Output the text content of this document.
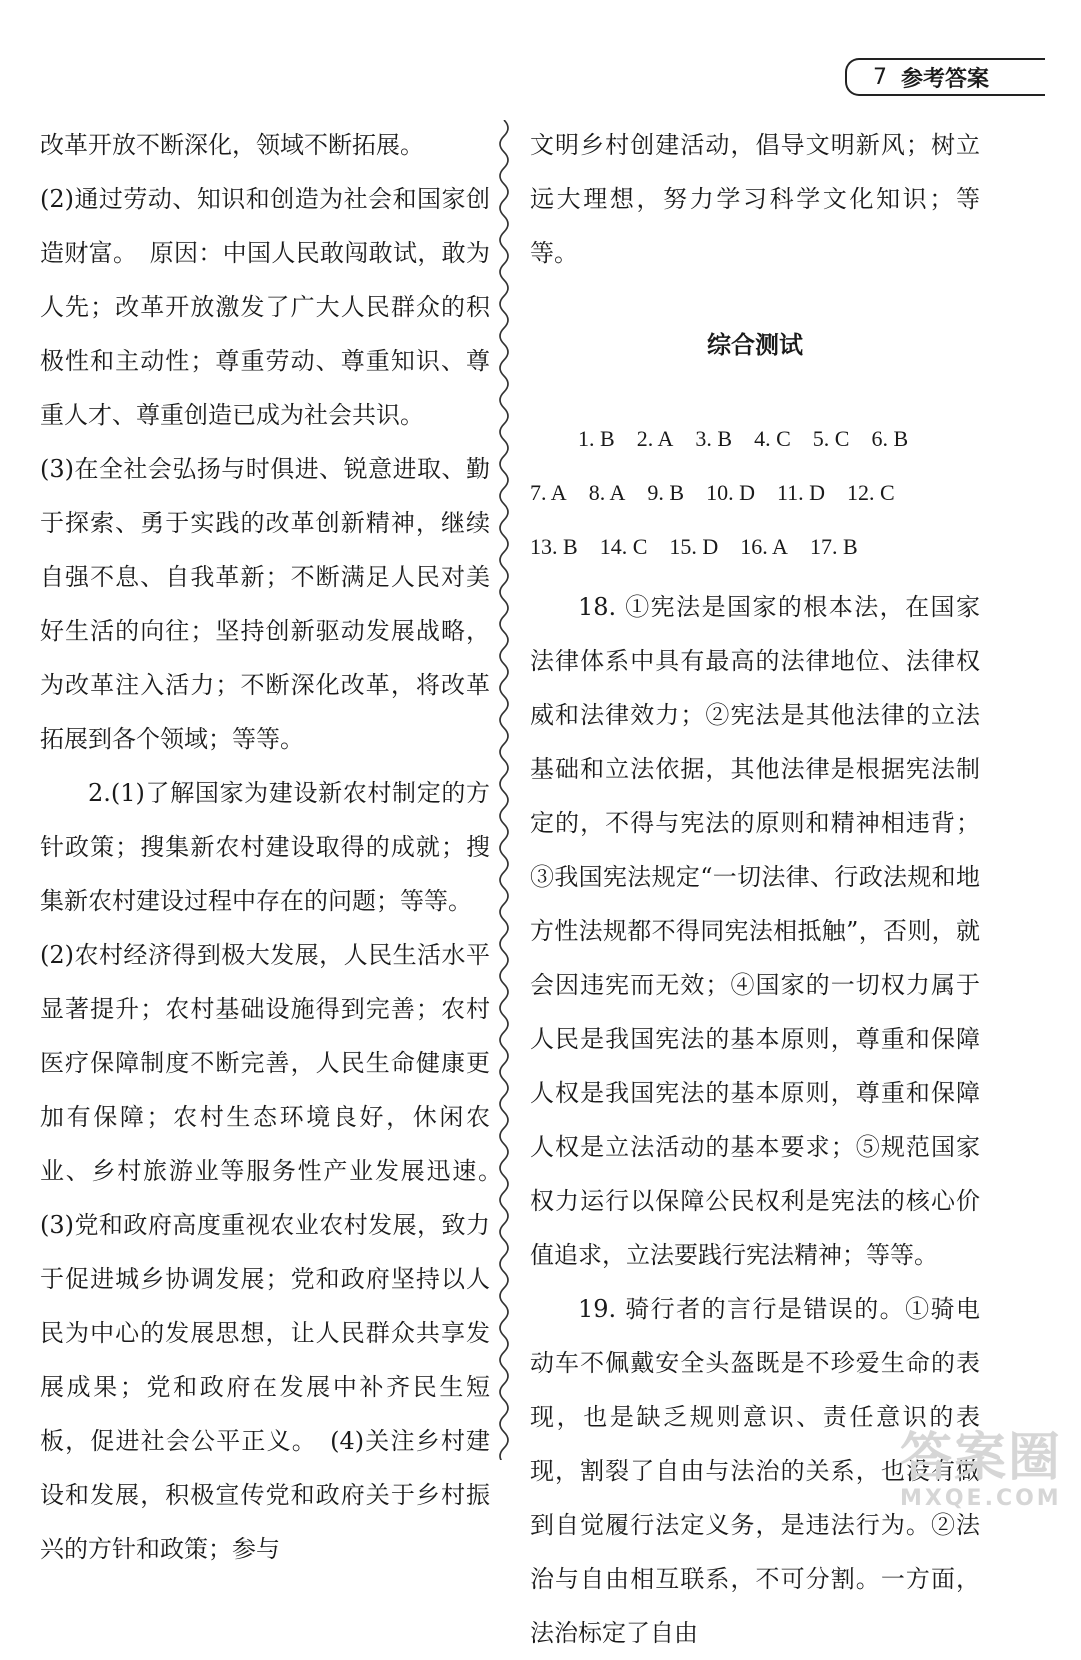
7 参考答案

改革开放不断深化，领域不断拓展。

(2)通过劳动、知识和创造为社会和国家创造财富。　原因：中国人民敢闯敢试，敢为人先；改革开放激发了广大人民群众的积极性和主动性；尊重劳动、尊重知识、尊重人才、尊重创造已成为社会共识。

(3)在全社会弘扬与时俱进、锐意进取、勤于探索、勇于实践的改革创新精神，继续自强不息、自我革新；不断满足人民对美好生活的向往；坚持创新驱动发展战略，为改革注入活力；不断深化改革，将改革拓展到各个领域；等等。

2.(1)了解国家为建设新农村制定的方针政策；搜集新农村建设取得的成就；搜集新农村建设过程中存在的问题；等等。

(2)农村经济得到极大发展，人民生活水平显著提升；农村基础设施得到完善；农村医疗保障制度不断完善，人民生命健康更加有保障；农村生态环境良好，休闲农业、乡村旅游业等服务性产业发展迅速。　(3)党和政府高度重视农业农村发展，致力于促进城乡协调发展；党和政府坚持以人民为中心的发展思想，让人民群众共享发展成果；党和政府在发展中补齐民生短板，促进社会公平正义。　(4)关注乡村建设和发展，积极宣传党和政府关于乡村振兴的方针和政策；参与

文明乡村创建活动，倡导文明新风；树立远大理想，努力学习科学文化知识；等等。

综合测试
1. B 2. A 3. B 4. C 5. C 6. B
7. A 8. A 9. B 10. D 11. D 12. C
13. B 14. C 15. D 16. A 17. B

18. ①宪法是国家的根本法，在国家法律体系中具有最高的法律地位、法律权威和法律效力；②宪法是其他法律的立法基础和立法依据，其他法律是根据宪法制定的，不得与宪法的原则和精神相违背；③我国宪法规定“一切法律、行政法规和地方性法规都不得同宪法相抵触”，否则，就会因违宪而无效；④国家的一切权力属于人民是我国宪法的基本原则，尊重和保障人权是我国宪法的基本原则，尊重和保障人权是立法活动的基本要求；⑤规范国家权力运行以保障公民权利是宪法的核心价值追求，立法要践行宪法精神；等等。

19. 骑行者的言行是错误的。①骑电动车不佩戴安全头盔既是不珍爱生命的表现，也是缺乏规则意识、责任意识的表现，割裂了自由与法治的关系，也没有做到自觉履行法定义务，是违法行为。②法治与自由相互联系，不可分割。一方面，法治标定了自由

答案圈
MXQE.COM
